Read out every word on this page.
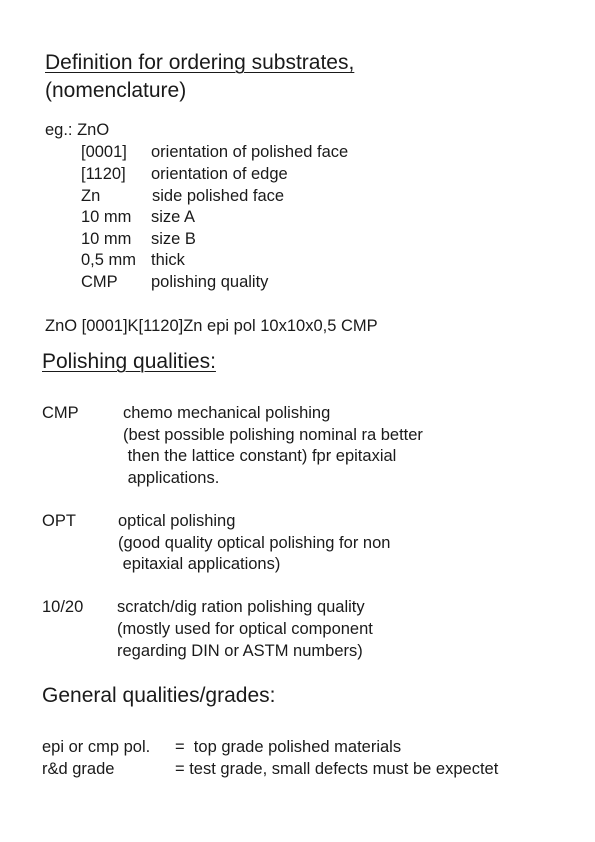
Definition for ordering substrates,
(nomenclature)
eg.: ZnO
[0001] orientation of polished face
[1120] orientation of edge
Zn	side polished face
10 mm size A
10 mm size B
0,5 mm thick
CMP polishing quality
ZnO [0001]K[1120]Zn epi pol 10x10x0,5 CMP
Polishing qualities:
CMP	chemo mechanical polishing
(best possible polishing nominal ra better
then the lattice constant) fpr epitaxial
applications.
OPT	optical polishing
(good quality optical polishing for non
epitaxial applications)
10/20 scratch/dig ration polishing quality
(mostly used for optical component
regarding DIN or ASTM numbers)
General qualities/grades:
epi or cmp pol. =  top grade polished materials
r&d grade	= test grade, small defects must be expectet
